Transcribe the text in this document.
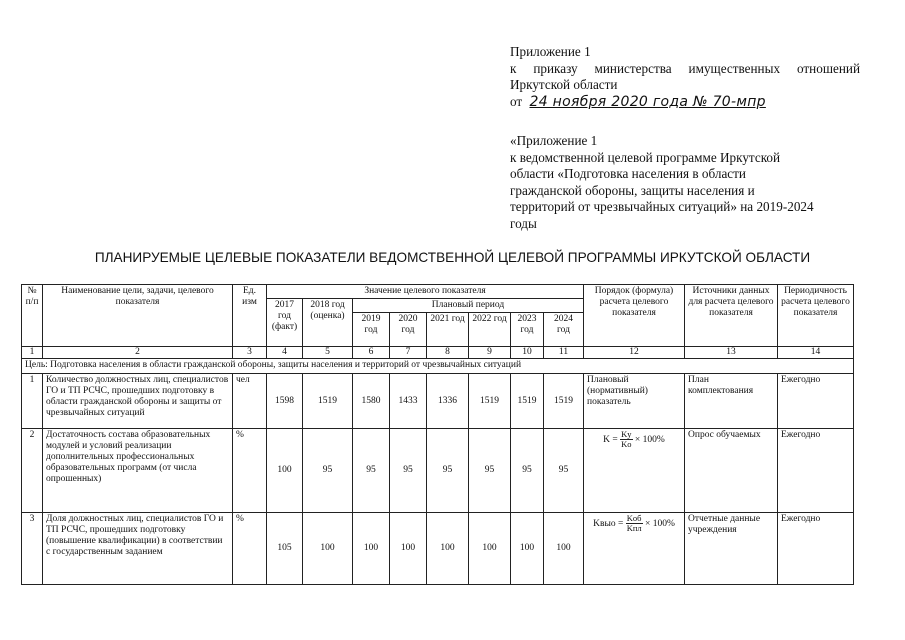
Приложение 1
к приказу министерства имущественных отношений
Иркутской области
от 24 ноября 2020 года № 70-мпр
«Приложение 1
к ведомственной целевой программе Иркутской
области «Подготовка населения в области
гражданской обороны, защиты населения и
территорий от чрезвычайных ситуаций» на 2019-2024
годы
ПЛАНИРУЕМЫЕ ЦЕЛЕВЫЕ ПОКАЗАТЕЛИ ВЕДОМСТВЕННОЙ ЦЕЛЕВОЙ ПРОГРАММЫ ИРКУТСКОЙ ОБЛАСТИ
№ п/п	Наименование цели, задачи, целевого показателя	Ед. изм	Значение целевого показателя								Порядок (формула) расчета целевого показателя	Источники данных для расчета целевого показателя	Периодичность расчета целевого показателя
			2017 год (факт)	2018 год (оценка)	Плановый период								
					2019 год	2020 год	2021 год	2022 год	2023 год	2024 год			
1	2	3	4	5	6	7	8	9	10	11	12	13	14
Цель: Подготовка населения в области гражданской обороны, защиты населения и территорий от чрезвычайных ситуаций													
1	Количество должностных лиц, специалистов ГО и ТП РСЧС, прошедших подготовку в области гражданской обороны и защиты от чрезвычайных ситуаций	чел	1598	1519	1580	1433	1336	1519	1519	1519	Плановый (нормативный) показатель	План комплектования	Ежегодно
2	Достаточность состава образовательных модулей и условий реализации дополнительных профессиональных образовательных программ (от числа опрошенных)	%	100	95	95	95	95	95	95	95	$K = \frac{Kу}{Kо} \times 100\%$	Опрос обучаемых	Ежегодно
3	Доля должностных лиц, специалистов ГО и ТП РСЧС, прошедших подготовку (повышение квалификации) в соответствии с государственным заданием	%	105	100	100	100	100	100	100	100	Kвыо = $\frac{\text{Kоб}}{\text{Kпл}} \times 100\%$	Отчетные данные учреждения	Ежегодно
